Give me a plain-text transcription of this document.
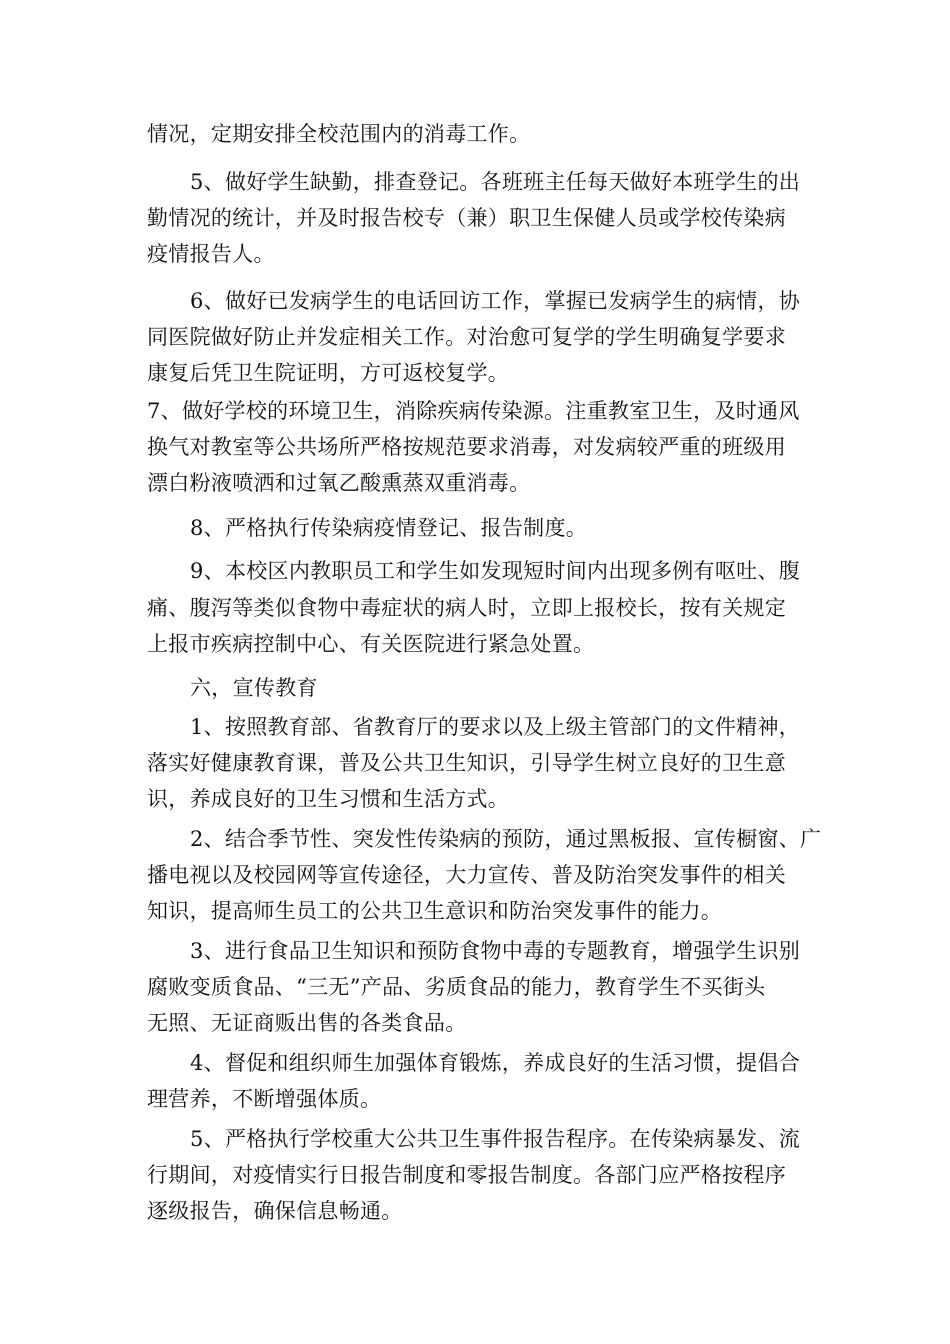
情况，定期安排全校范围内的消毒工作。
5、做好学生缺勤，排查登记。各班班主任每天做好本班学生的出
勤情况的统计，并及时报告校专（兼）职卫生保健人员或学校传染病
疫情报告人。
6、做好已发病学生的电话回访工作，掌握已发病学生的病情，协
同医院做好防止并发症相关工作。对治愈可复学的学生明确复学要求
康复后凭卫生院证明，方可返校复学。
7、做好学校的环境卫生，消除疾病传染源。注重教室卫生，及时通风
换气对教室等公共场所严格按规范要求消毒，对发病较严重的班级用
漂白粉液喷洒和过氧乙酸熏蒸双重消毒。
8、严格执行传染病疫情登记、报告制度。
9、本校区内教职员工和学生如发现短时间内出现多例有呕吐、腹
痛、腹泻等类似食物中毒症状的病人时，立即上报校长，按有关规定
上报市疾病控制中心、有关医院进行紧急处置。
六，宣传教育
1、按照教育部、省教育厅的要求以及上级主管部门的文件精神，
落实好健康教育课，普及公共卫生知识，引导学生树立良好的卫生意
识，养成良好的卫生习惯和生活方式。
2、结合季节性、突发性传染病的预防，通过黑板报、宣传橱窗、广
播电视以及校园网等宣传途径，大力宣传、普及防治突发事件的相关
知识，提高师生员工的公共卫生意识和防治突发事件的能力。
3、进行食品卫生知识和预防食物中毒的专题教育，增强学生识别
腐败变质食品、“三无”产品、劣质食品的能力，教育学生不买街头
无照、无证商贩出售的各类食品。
4、督促和组织师生加强体育锻炼，养成良好的生活习惯，提倡合
理营养，不断增强体质。
5、严格执行学校重大公共卫生事件报告程序。在传染病暴发、流
行期间，对疫情实行日报告制度和零报告制度。各部门应严格按程序
逐级报告，确保信息畅通。
